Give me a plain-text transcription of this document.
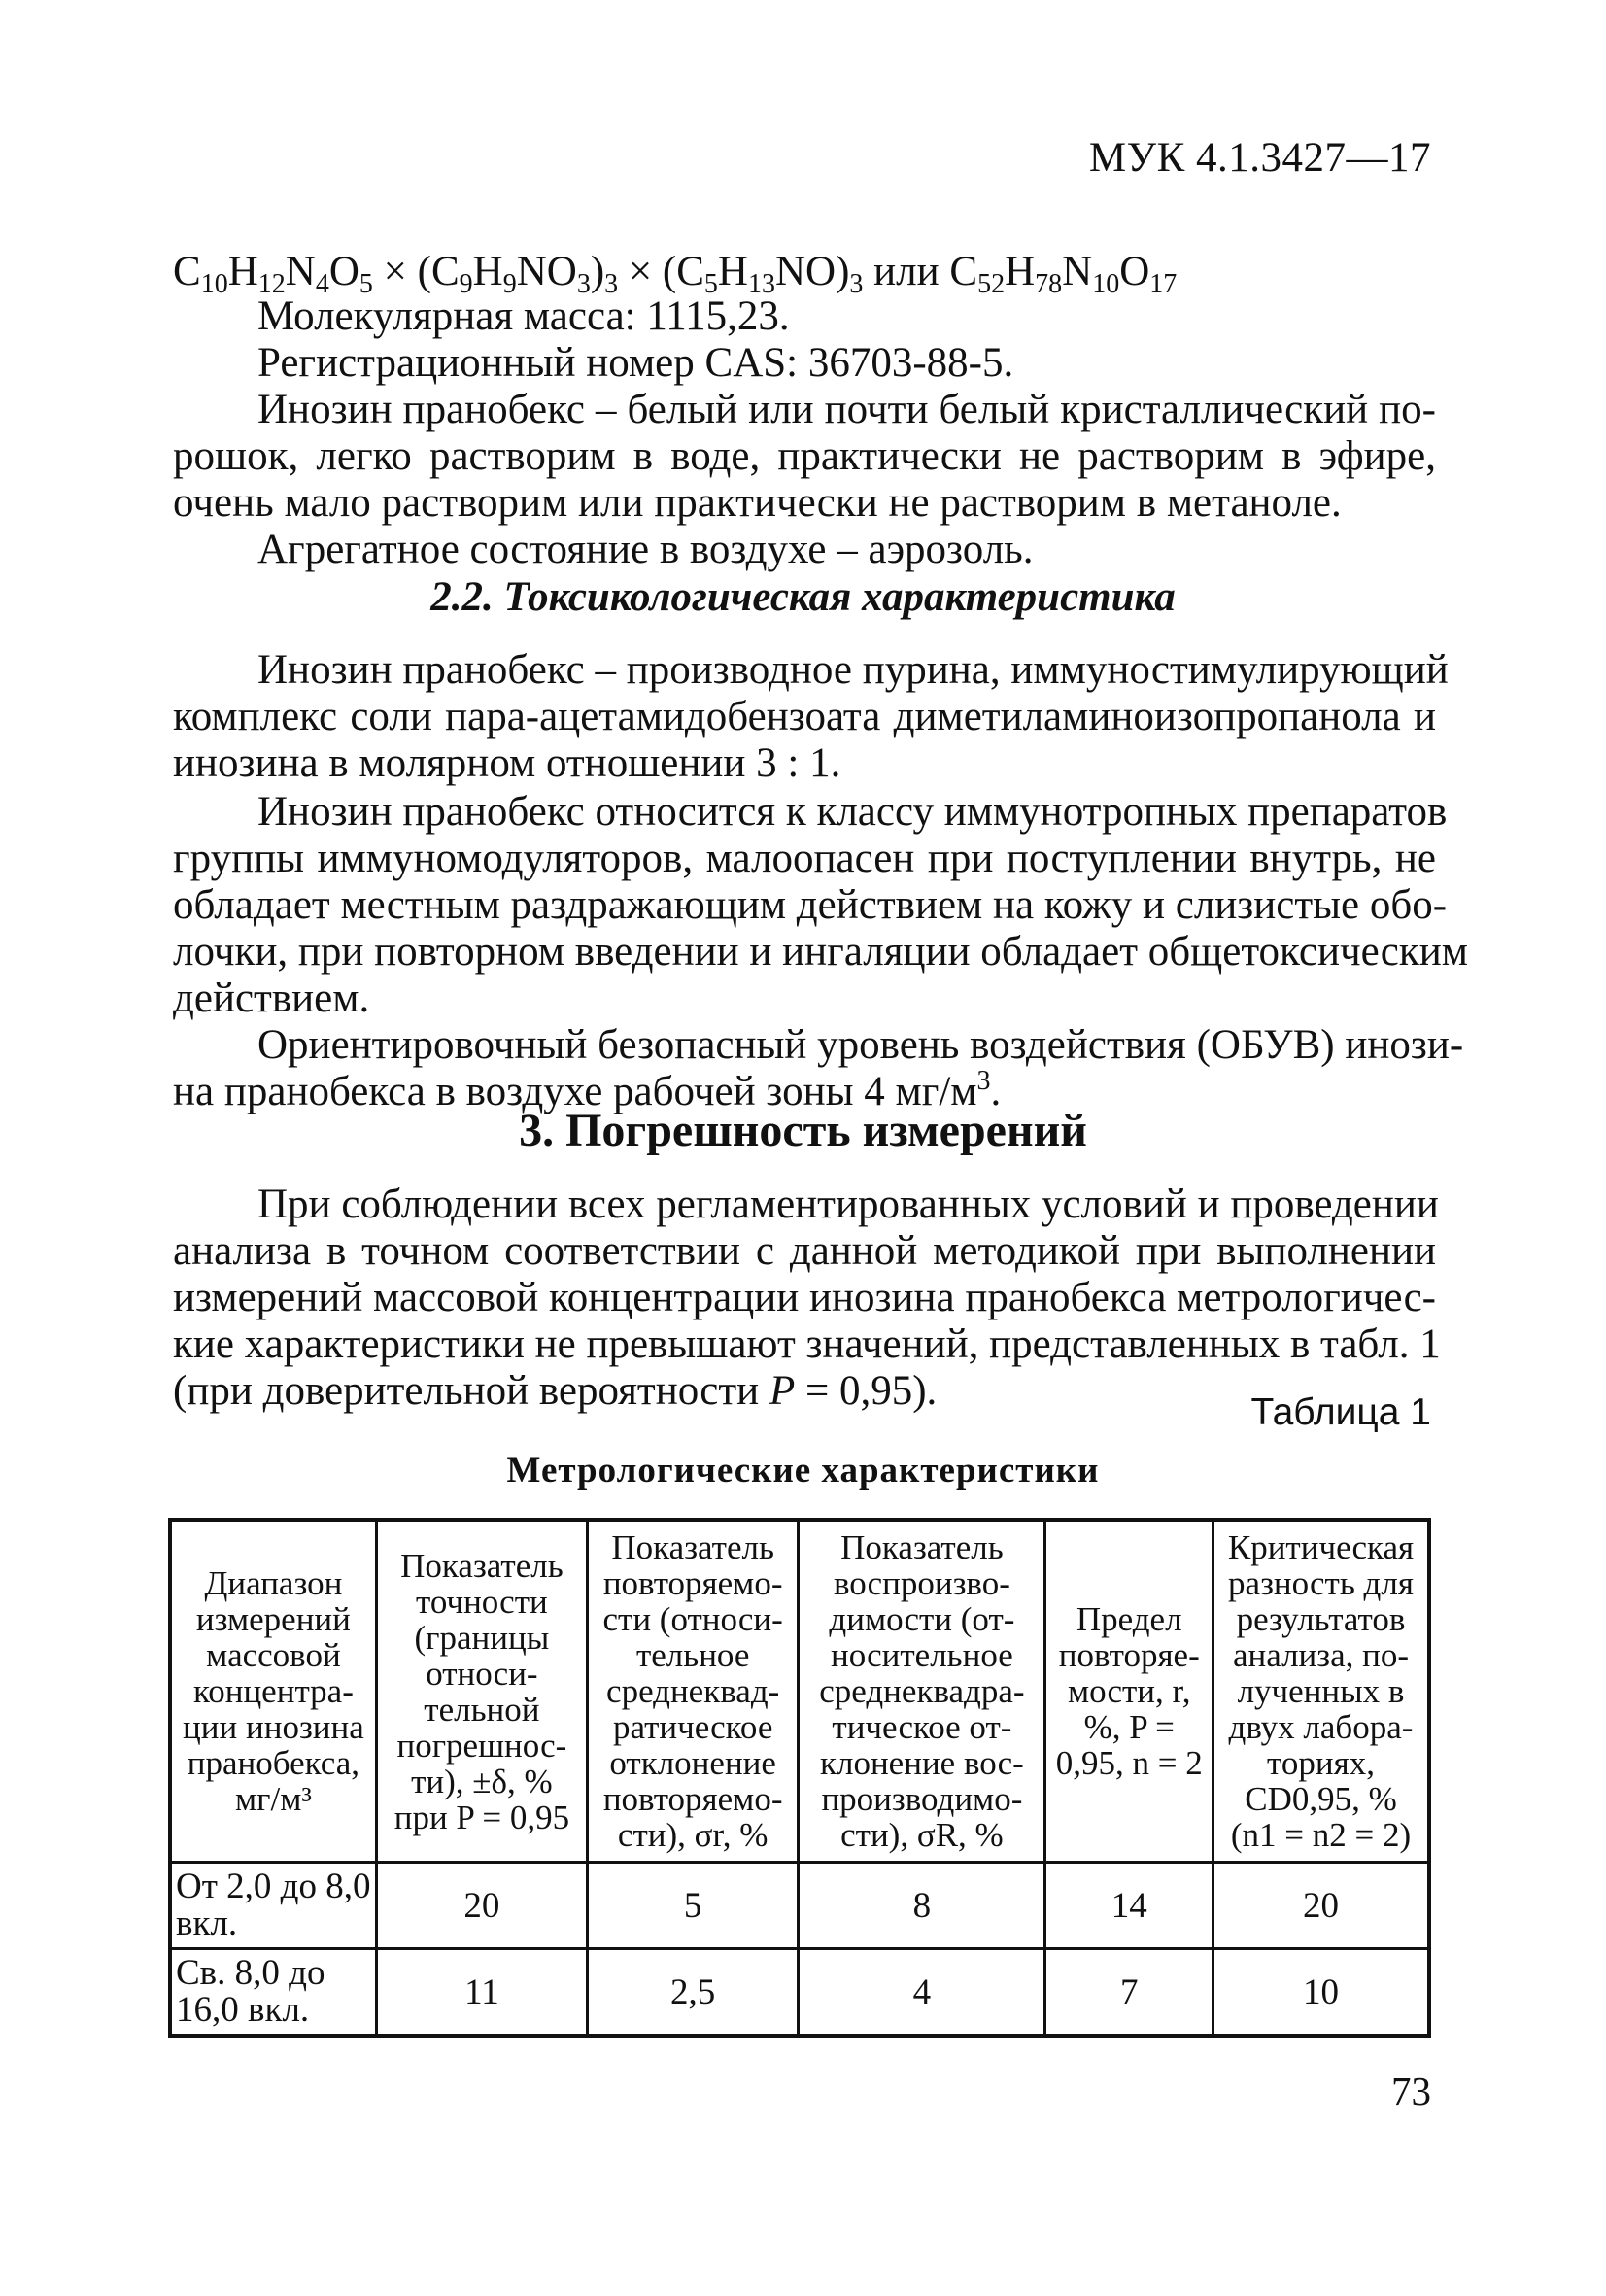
МУК 4.1.3427—17
$C_{10}H_{12}N_4O_5 \times (C_9H_9NO_3)_3 \times (C_5H_{13}NO)_3$ или $C_{52}H_{78}N_{10}O_{17}$
Молекулярная масса: 1115,23.
Регистрационный номер CAS: 36703-88-5.
Инозин пранобекс – белый или почти белый кристаллический по-
рошок, легко растворим в воде, практически не растворим в эфире,
очень мало растворим или практически не растворим в метаноле.
Агрегатное состояние в воздухе – аэрозоль.
2.2. Токсикологическая характеристика
Инозин пранобекс – производное пурина, иммуностимулирующий
комплекс соли пара-ацетамидобензоата диметиламиноизопропанола и
инозина в молярном отношении 3 : 1.
Инозин пранобекс относится к классу иммунотропных препаратов
группы иммуномодуляторов, малоопасен при поступлении внутрь, не
обладает местным раздражающим действием на кожу и слизистые обо-
лочки, при повторном введении и ингаляции обладает общетоксическим
действием.
Ориентировочный безопасный уровень воздействия (ОБУВ) инози-
на пранобекса в воздухе рабочей зоны 4 $мг/м^3$.
3. Погрешность измерений
При соблюдении всех регламентированных условий и проведении
анализа в точном соответствии с данной методикой при выполнении
измерений массовой концентрации инозина пранобекса метрологичес-
кие характеристики не превышают значений, представленных в табл. 1
(при доверительной вероятности P = 0,95).	Таблица 1
Метрологические характеристики
Диапазон измерений массовой концентра-ции инозина пранобекса, мг/м³	Показатель точности (границы относи-тельной погрешнос-ти), ±δ, % при P = 0,95	Показатель повторяемо-сти (относи-тельное среднеквад-ратическое отклонение повторяемо-сти), σr, %	Показатель воспроизво-димости (от-носительное среднеквадра-тическое от-клонение вос-производимо-сти), σR, %	Предел повторяе-мости, r, %, P = 0,95, n = 2	Критическая разность для результатов анализа, по-лученных в двух лабора-ториях, CD0,95, % (n1 = n2 = 2)
От 2,0 до 8,0 вкл.	20	5	8	14	20
Св. 8,0 до 16,0 вкл.	11	2,5	4	7	10
73
